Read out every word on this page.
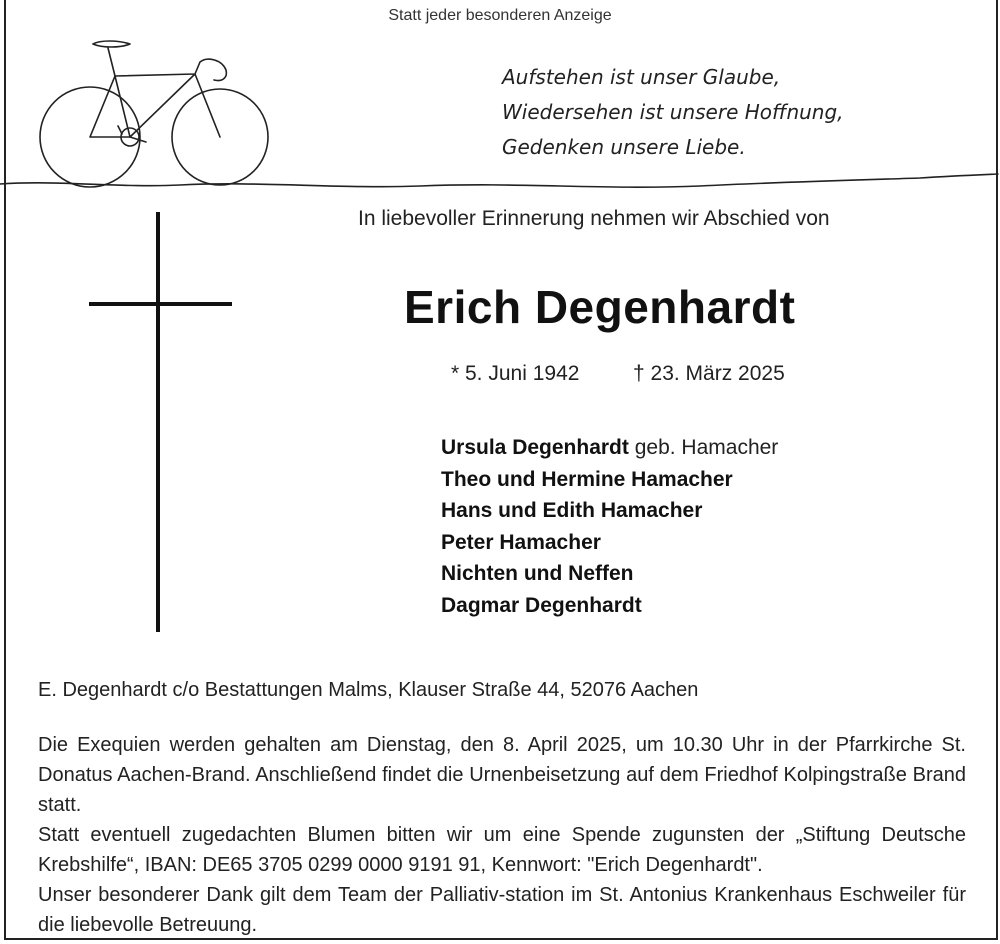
Statt jeder besonderen Anzeige
Aufstehen ist unser Glaube,
Wiedersehen ist unsere Hoffnung,
Gedenken unsere Liebe.
In liebevoller Erinnerung nehmen wir Abschied von
Erich Degenhardt
* 5. Juni 1942	† 23. März 2025
Ursula Degenhardt geb. Hamacher
Theo und Hermine Hamacher
Hans und Edith Hamacher
Peter Hamacher
Nichten und Neffen
Dagmar Degenhardt
E. Degenhardt c/o Bestattungen Malms, Klauser Straße 44, 52076 Aachen

Die Exequien werden gehalten am Dienstag, den 8. April 2025, um 10.30 Uhr in der Pfarrkirche St. Donatus Aachen-Brand. Anschließend findet die Urnenbeisetzung auf dem Friedhof Kolpingstraße Brand statt.

Statt eventuell zugedachten Blumen bitten wir um eine Spende zugunsten der „Stiftung Deutsche Krebshilfe“, IBAN: DE65 3705 0299 0000 9191 91, Kennwort: "Erich Degenhardt".

Unser besonderer Dank gilt dem Team der Palliativ-station im St. Antonius Krankenhaus Eschweiler für die liebevolle Betreuung.
